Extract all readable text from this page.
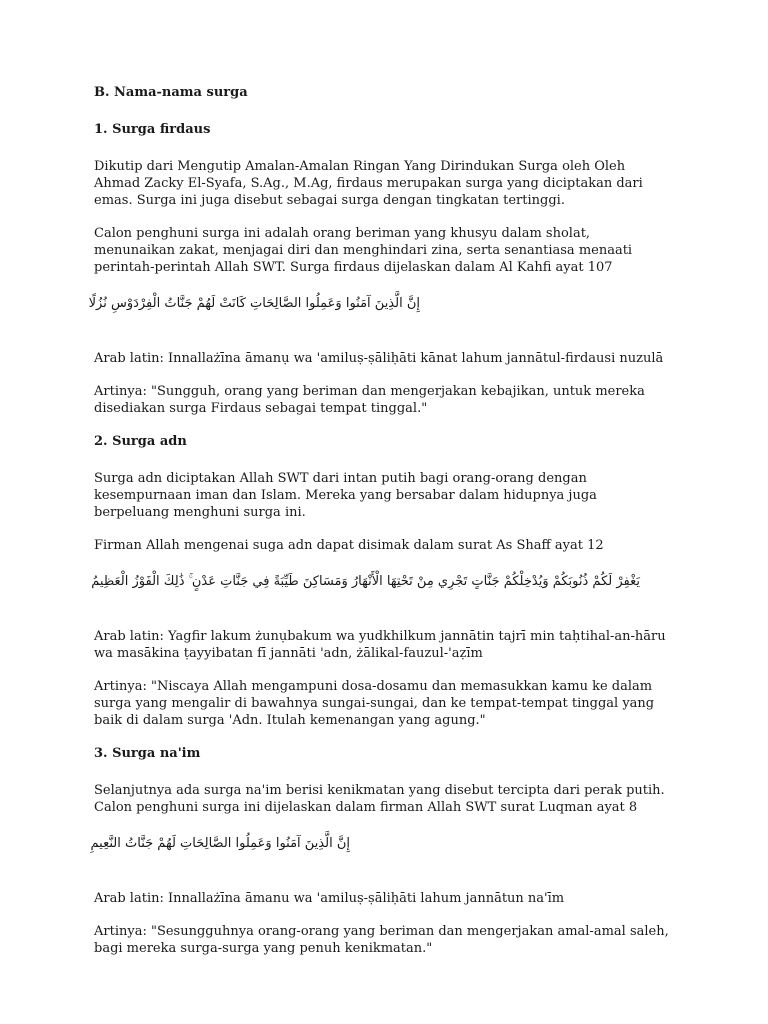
B. Nama-nama surga
1. Surga firdaus

Dikutip dari Mengutip Amalan-Amalan Ringan Yang Dirindukan Surga oleh Oleh Ahmad Zacky El-Syafa, S.Ag., M.Ag, firdaus merupakan surga yang diciptakan dari emas. Surga ini juga disebut sebagai surga dengan tingkatan tertinggi.

Calon penghuni surga ini adalah orang beriman yang khusyu dalam sholat, menunaikan zakat, menjagai diri dan menghindari zina, serta senantiasa menaati perintah-perintah Allah SWT. Surga firdaus dijelaskan dalam Al Kahfi ayat 107

إِنَّ الَّذِينَ آمَنُوا وَعَمِلُوا الصَّالِحَاتِ كَانَتْ لَهُمْ جَنَّاتُ الْفِرْدَوْسِ نُزُلًا

Arab latin: Innallażīna āmanụ wa 'amiluṣ-ṣāliḥāti kānat lahum jannātul-firdausi nuzulā

Artinya: "Sungguh, orang yang beriman dan mengerjakan kebajikan, untuk mereka disediakan surga Firdaus sebagai tempat tinggal."

2. Surga adn

Surga adn diciptakan Allah SWT dari intan putih bagi orang-orang dengan kesempurnaan iman dan Islam. Mereka yang bersabar dalam hidupnya juga berpeluang menghuni surga ini.

Firman Allah mengenai suga adn dapat disimak dalam surat As Shaff ayat 12

يَغْفِرْ لَكُمْ ذُنُوبَكُمْ وَيُدْخِلْكُمْ جَنَّاتٍ تَجْرِي مِنْ تَحْتِهَا الْأَنْهَارُ وَمَسَاكِنَ طَيِّبَةً فِي جَنَّاتِ عَدْنٍ ۚ ذَٰلِكَ الْفَوْزُ الْعَظِيمُ

Arab latin: Yagfir lakum żunụbakum wa yudkhilkum jannātin tajrī min taḥtihal-an-hāru wa masākina ṭayyibatan fī jannāti 'adn, żālikal-fauzul-'aẓīm

Artinya: "Niscaya Allah mengampuni dosa-dosamu dan memasukkan kamu ke dalam surga yang mengalir di bawahnya sungai-sungai, dan ke tempat-tempat tinggal yang baik di dalam surga 'Adn. Itulah kemenangan yang agung."

3. Surga na'im

Selanjutnya ada surga na'im berisi kenikmatan yang disebut tercipta dari perak putih. Calon penghuni surga ini dijelaskan dalam firman Allah SWT surat Luqman ayat 8

إِنَّ الَّذِينَ آمَنُوا وَعَمِلُوا الصَّالِحَاتِ لَهُمْ جَنَّاتُ النَّعِيمِ

Arab latin: Innallażīna āmanu wa 'amiluṣ-ṣāliḥāti lahum jannātun na'īm

Artinya: "Sesungguhnya orang-orang yang beriman dan mengerjakan amal-amal saleh, bagi mereka surga-surga yang penuh kenikmatan."
